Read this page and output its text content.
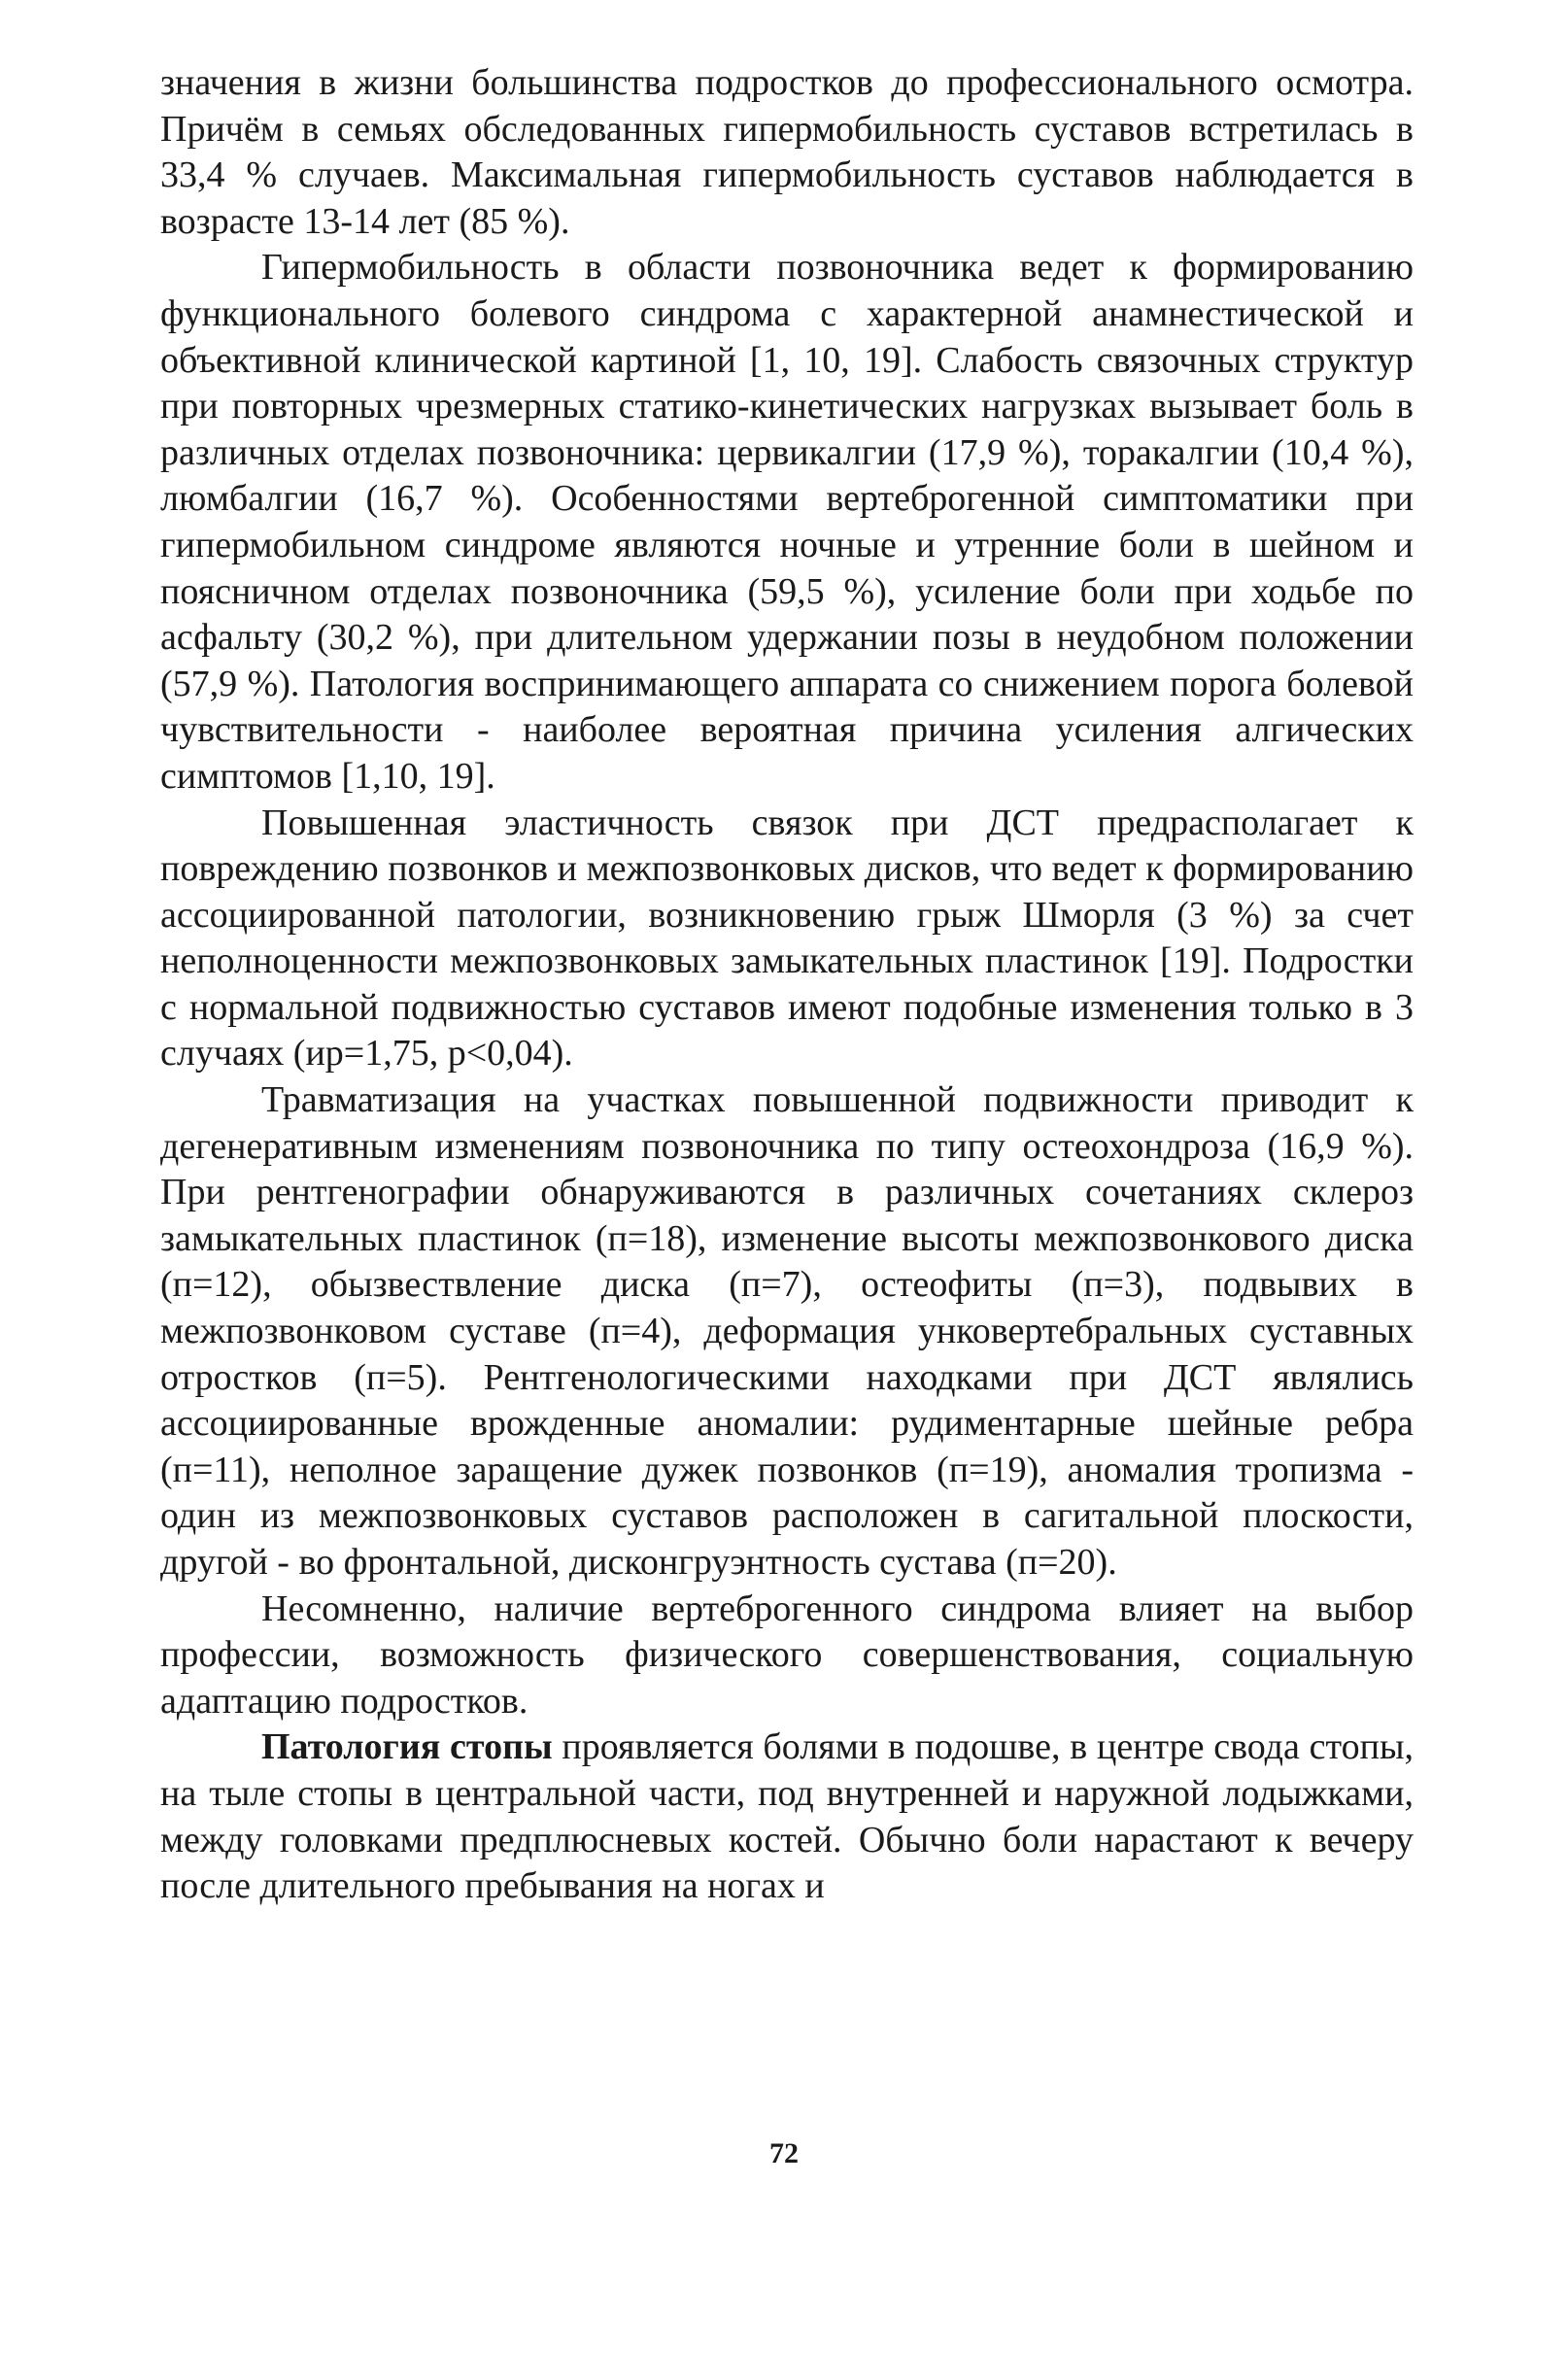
значения в жизни большинства подростков до профессионального осмотра. Причём в семьях обследованных гипермобильность суставов встретилась в 33,4 % случаев. Максимальная гипермобильность суставов наблюдается в возрасте 13-14 лет (85 %).

Гипермобильность в области позвоночника ведет к формированию функционального болевого синдрома с характерной анамнестической и объективной клинической картиной [1, 10, 19]. Слабость связочных структур при повторных чрезмерных статико-кинетических нагрузках вызывает боль в различных отделах позвоночника: цервикалгии (17,9 %), торакалгии (10,4 %), люмбалгии (16,7 %). Особенностями вертеброгенной симптоматики при гипермобильном синдроме являются ночные и утренние боли в шейном и поясничном отделах позвоночника (59,5 %), усиление боли при ходьбе по асфальту (30,2 %), при длительном удержании позы в неудобном положении (57,9 %). Патология воспринимающего аппарата со снижением порога болевой чувствительности - наиболее вероятная причина усиления алгических симптомов [1,10, 19].

Повышенная эластичность связок при ДСТ предрасполагает к повреждению позвонков и межпозвонковых дисков, что ведет к формированию ассоциированной патологии, возникновению грыж Шморля (3 %) за счет неполноценности межпозвонковых замыкательных пластинок [19]. Подростки с нормальной подвижностью суставов имеют подобные изменения только в 3 случаях (ир=1,75, р<0,04).

Травматизация на участках повышенной подвижности приводит к дегенеративным изменениям позвоночника по типу остеохондроза (16,9 %). При рентгенографии обнаруживаются в различных сочетаниях склероз замыкательных пластинок (п=18), изменение высоты межпозвонкового диска (п=12), обызвествление диска (п=7), остеофиты (п=3), подвывих в межпозвонковом суставе (п=4), деформация унковертебральных суставных отростков (п=5). Рентгенологическими находками при ДСТ являлись ассоциированные врожденные аномалии: рудиментарные шейные ребра (п=11), неполное заращение дужек позвонков (п=19), аномалия тропизма - один из межпозвонковых суставов расположен в сагитальной плоскости, другой - во фронтальной, дисконгруэнтность сустава (п=20).

Несомненно, наличие вертеброгенного синдрома влияет на выбор профессии, возможность физического совершенствования, социальную адаптацию подростков.

Патология стопы проявляется болями в подошве, в центре свода стопы, на тыле стопы в центральной части, под внутренней и наружной лодыжками, между головками предплюсневых костей. Обычно боли нарастают к вечеру после длительного пребывания на ногах и

72
